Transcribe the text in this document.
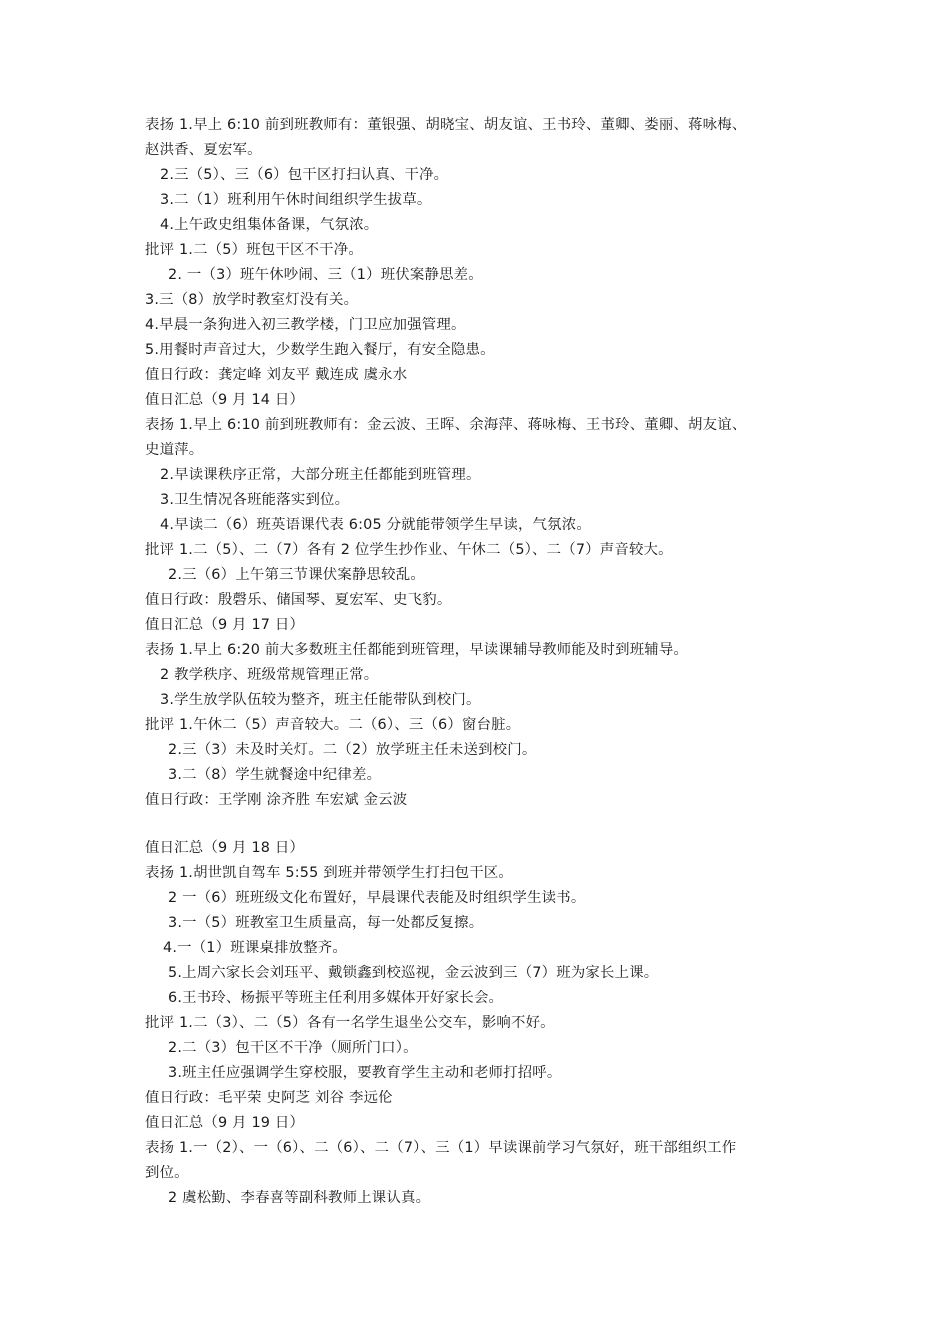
表扬 1.早上 6:10 前到班教师有：董银强、胡晓宝、胡友谊、王书玲、董卿、娄丽、蒋咏梅、
赵洪香、夏宏军。
2.三（5）、三（6）包干区打扫认真、干净。
3.二（1）班利用午休时间组织学生拔草。
4.上午政史组集体备课，气氛浓。
批评 1.二（5）班包干区不干净。
2. 一（3）班午休吵闹、三（1）班伏案静思差。
3.三（8）放学时教室灯没有关。
4.早晨一条狗进入初三教学楼，门卫应加强管理。
5.用餐时声音过大，少数学生跑入餐厅，有安全隐患。
值日行政：龚定峰 刘友平 戴连成 虞永水
值日汇总（9 月 14 日）
表扬 1.早上 6:10 前到班教师有：金云波、王晖、余海萍、蒋咏梅、王书玲、董卿、胡友谊、
史道萍。
2.早读课秩序正常，大部分班主任都能到班管理。
3.卫生情况各班能落实到位。
4.早读二（6）班英语课代表 6:05 分就能带领学生早读，气氛浓。
批评 1.二（5）、二（7）各有 2 位学生抄作业、午休二（5）、二（7）声音较大。
2.三（6）上午第三节课伏案静思较乱。
值日行政：殷磬乐、储国琴、夏宏军、史飞豹。
值日汇总（9 月 17 日）
表扬 1.早上 6:20 前大多数班主任都能到班管理，早读课辅导教师能及时到班辅导。
2 教学秩序、班级常规管理正常。
3.学生放学队伍较为整齐，班主任能带队到校门。
批评 1.午休二（5）声音较大。二（6）、三（6）窗台脏。
2.三（3）未及时关灯。二（2）放学班主任未送到校门。
3.二（8）学生就餐途中纪律差。
值日行政：王学刚 涂齐胜 车宏斌 金云波
值日汇总（9 月 18 日）
表扬 1.胡世凯自驾车 5:55 到班并带领学生打扫包干区。
2 一（6）班班级文化布置好，早晨课代表能及时组织学生读书。
3.一（5）班教室卫生质量高，每一处都反复擦。
4.一（1）班课桌排放整齐。
5.上周六家长会刘珏平、戴锁鑫到校巡视，金云波到三（7）班为家长上课。
6.王书玲、杨振平等班主任利用多媒体开好家长会。
批评 1.二（3）、二（5）各有一名学生退坐公交车，影响不好。
2.二（3）包干区不干净（厕所门口）。
3.班主任应强调学生穿校服，要教育学生主动和老师打招呼。
值日行政：毛平荣 史阿芝 刘谷 李远伦
值日汇总（9 月 19 日）
表扬 1.一（2）、一（6）、二（6）、二（7）、三（1）早读课前学习气氛好，班干部组织工作
到位。
2 虞松勤、李春喜等副科教师上课认真。
